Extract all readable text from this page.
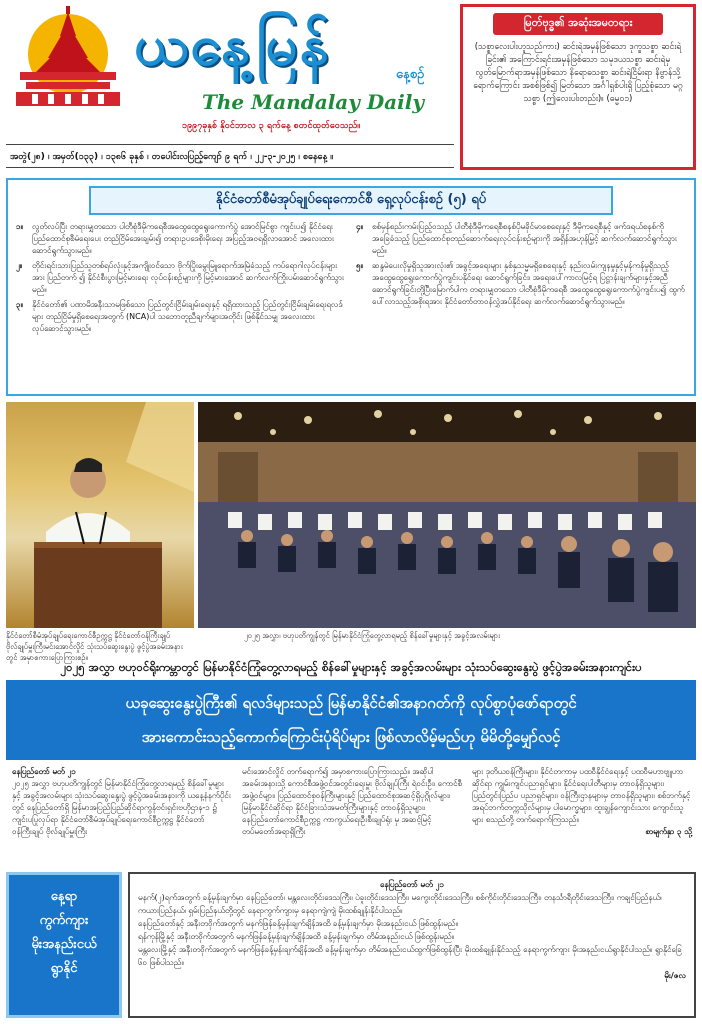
ယနေ့မြန်	နေ့စဉ်
The Mandalay Daily
၁၉၉၇ခုနှစ် နိုဝင်ဘာလ ၃ ရက်နေ့ စတင်ထုတ်ဝေသည်။
အတွဲ(၂၈) ၊ အမှတ်(၁၃၃) ၊ ၁၃၈၆ ခုနှစ် ၊ တပေါင်းလပြည့်ကျော် ၉ ရက် ၊ ၂၂-၃-၂၀၂၅ ၊ စနေနေ့ ။
မြတ်ဗုဒ္ဓ၏ အဆုံးအမတရား
(သစ္စာလေးပါးဟူသည်ကား) ဆင်းရဲအမှန်ဖြစ်သော ဒုက္ခသစ္စာ ဆင်းရဲခြင်း၏ အကြောင်းရင်းအမှန်ဖြစ်သော သမုဒယသစ္စာ ဆင်းရဲမှ လွတ်မြောက်ရာအမှန်ဖြစ်သော နိရောဓသစ္စာ ဆင်းရဲငြိမ်းရာ နိဗ္ဗာန်သို့ရောက်ကြောင်း အစစ်ဖြစ်၍ မြတ်သော အင်္ဂါရှစ်ပါးရှိ ပြည့်စုံသော မဂ္ဂသစ္စာ (ဤလေးပါးတည်း)။ (ဓမ္မ၀၁)
နိုင်ငံတော်စီမံအုပ်ချုပ်ရေးကောင်စီ ရှေ့လုပ်ငန်းစဉ် (၅) ရပ်
၁။	လွတ်လပ်ပြီး တရားမျှတသော ပါတီစုံဒီမိုကရေစီအထွေထွေရွေးကောက်ပွဲ အောင်မြင်စွာ ကျင်းပ၍ နိုင်ငံရေး ပြည်ထောင်စုစီမံရေးပေး တည်ငြိမ်အေးချမ်း၍ တရားဥပဒေစိုးမိုးရေး အပြည့်အဝရရှိလာအောင် အလေးထားဆောင်ရွက်သွားမည်။
၂။	တိုင်းရင်းသားပြည်သူတစ်ရပ်လုံးနှင့်အကျိုးဝင်သော ဗိုက်ပြိုးမွေးမြူရောက်အမြဲခံသည့် ကပ်ရောဂါလုပ်ငန်းများအား ပြည်တက် ၍ နိုင်ငံစီးပွားမြင့်မားရေး လုပ်ငန်းစဉ်များကို မြင့်မားအောင် ဆက်လက်ကြိုးပမ်းဆောင်ရွက်သွားမည်။
၃။	နိုင်ငံတော်၏ ပဏာမိအနီးသာမဖြစ်သော ပြည်တွင်းငြိမ်းချမ်းရေးနှင့် ရရှိထားသည့် ပြည်တွင်းငြိမ်းချမ်းရေးရလဒ်များ တည်ငြိမ်မှုရှိစေရေးအတွက် (NCA)ပါ သဘောတူညီချက်များအတိုင်း ဖြစ်နိုင်သမျှ အလေးထား လုပ်ဆောင်သွားမည်။
၄။	စစ်မှန်စည်းကမ်းပြည့်ဝသည့် ပါတီစုံဒီမိုကရေစီစနစ်ပိုမခိုင်မာစေရေးနှင့် ဒီမိုကရေစီနှင့် ဖက်ဒရယ်စနစ်ကို အခြေခံသည့် ပြည်ထောင်စုတည်ဆောက်ရေးလုပ်ငန်းစဉ်များကို အရှိန်အဟုန်မြှင့် ဆက်လက်ဆောင်ရွက်သွားမည်။
၅။	ဆန္ဒမဲပေးလိုမှုရှိသူအားလုံး၏ အခွင့်အရေးများ နှစ်နှသမ္မမရှိစေရေးနှင့် နည်းလမ်းကျနမှုနှင့်မှန်ကန်မှုရှိသည့် အထွေထွေရွေးကောက်ပွဲကျင်းပနိုင်ရေး ဆောင်ရွက်ခြင်း၊ အရေးပေါ်ကာလမြင့်ရ ပြဋ္ဌာန်းချက်များနှင့်အညီ ဆောင်ရွက်ခြင်းတို့ပြီးမြောက်ပါက တရားမျှတသော ပါတီစုံဒီမိုကရေစီ အထွေထွေရွေးကောက်ပွဲကျင်းပ၍ ထွက်ပေါ်လာသည့်အစိုးရအား နိုင်ငံတော်တာဝန်လွှဲအပ်နိုင်ရေး ဆက်လက်ဆောင်ရွက်သွားမည်။
နိုင်ငံတော်စီမံအုပ်ချုပ်ရေးကောင်စီဥက္ကဋ္ဌ နိုင်ငံတော်ဝန်ကြီးချုပ် ဗိုလ်ချုပ်မှူးကြီးမင်းအောင်လှိုင် သုံးသပ်ဆွေးနွေးပွဲ ဖွင့်ပွဲအခမ်းအနားတွင် အမှာစကားပြောကြားစဉ်။
၂၀၂၅ အလွှာ၊ ဗဟုပတိကျွန်တွင် မြန်မာနိုင်ငံကြုံတွေ့လာရမည့် စိန်ခေါ်မှုများနှင့် အခွင့်အလမ်းများ
၂၀၂၅ အလွှာ ဗဟုဝင်ရိုးကမ္ဘာတွင် မြန်မာနိုင်ငံကြုံတွေ့လာရမည့် စိန်ခေါ်မှုများနှင့် အခွင့်အလမ်းများ သုံးသပ်ဆွေးနွေးပွဲ ဖွင့်ပွဲအခမ်းအနားကျင်းပ
ယခုဆွေးနွေးပွဲကြီး၏ ရလဒ်များသည် မြန်မာနိုင်ငံ၏အနာဂတ်ကို လုပ်စွာပုံဖော်ရာတွင်
အားကောင်းသည့်ကောက်ကြောင်းပုံရိပ်များ ဖြစ်လာလိမ့်မည်ဟု မိမိတို့မျှော်လင့်
နေပြည်တော် မတ် ၂၁
၂၀၂၅ အလွှာ ဗဟုပတိကျွန်တွင် မြန်မာနိုင်ငံကြုံတွေ့လာရမည့် စိန်ခေါ်မှုများနှင့် အခွင့်အလမ်းများ သုံးသပ်ဆွေးနွေးပွဲ ဖွင့်ပွဲအခမ်းအနားကို ယနေ့နံနက်ပိုင်းတွင် နေပြည်တော်ရှိ မြန်မာအပြည်ပြည်ဆိုင်ရာကွန်ဗင်းရှင်းဗဟိုဌာန-၁ ၌ ကျင်းပပြုလုပ်ရာ နိုင်ငံတော်စီမံအုပ်ချုပ်ရေးကောင်စီဥက္ကဋ္ဌ နိုင်ငံတော်ဝန်ကြီးချုပ် ဗိုလ်ချုပ်မှူးကြီး
မင်းအောင်လှိုင် တက်ရောက်၍ အမှာစကားပြောကြားသည်။ အဆိုပါ အခမ်းအနားသို့ ကောင်စီအဖွဲ့ဝင်အတွင်းရေးမှူး ဗိုလ်ချုပ်ကြီး ရဲဝင်းဦး၊ ကောင်စီအဖွဲ့ဝင်များ၊ ပြည်ထောင်စုဝန်ကြီးများနှင့် ပြည်ထောင်စုအဆင့်ရှိပုဂ္ဂိုလ်များ၊ မြန်မာနိုင်ငံဆိုင်ရာ နိုင်ငံခြားသံအမတ်ကြီးများနှင့် တာဝန်ရှိသူများ၊ နေပြည်တော်ကောင်စီဥက္ကဋ္ဌ ကာကွယ်ရေးဦးစီးချုပ်ရုံး မှ အဆင့်မြင့်တပ်မတော်အရာရှိကြီး
များ ဒုတိယဝန်ကြီးများ၊ နိုင်ငံတကာမှ ပထဝီနိုင်ငံရေးနှင့် ပထဝီမဟာဗျူဟာဆိုင်ရာ ကျွမ်းကျင်ပညာရှင်များ၊ နိုင်ငံရေးပါတီများမှ တာဝန်ရှိသူများ၊ ပြည်တွင်းပြည်ပ ပညာရှင်များ၊ ဝန်ကြီးဌာနများမှ တာဝန်ရှိသူများ၊ စစ်ဘက်နှင့်အရပ်ဘက်တက္ကသိုလ်များမှ ပါမောက္ခများ၊ ထူးချွန်ကျောင်းသား ကျောင်းသူများ စသည်တို့ တက်ရောက်ကြသည်။
စာမျက်နှာ ၃ သို့
နေ့ရာ
ကွက်ကျား
မိုးအနည်းငယ်
ရွာနိုင်
နေပြည်တော် မတ် ၂၁
မနက်(၂)ရက်အတွက် ခန့်မှန်းချက်မှာ နေပြည်တော်၊ မန္တလေးတိုင်းဒေသကြီး၊ ပဲခူးတိုင်းဒေသကြီး၊ မကွေးတိုင်းဒေသကြီး၊ စစ်ကိုင်းတိုင်းဒေသကြီး၊ တနင်္သာရီတိုင်းဒေသကြီး၊ ကချင်ပြည်နယ်၊ ကယားပြည်နယ်၊ ရှမ်းပြည်နယ်တို့တွင် နေရာကွက်ကျားမှ နေရာကျဲကျဲ မိုးထစ်ချုန်းနိုင်ပါသည်။
နေပြည်တော်နှင့် အနီးတဝိုက်အတွက် မနက်ဖြန်ခန့်မှန်းချက်ချိန်အထိ ခန့်မှန်းချက်မှာ မိုးအနည်းငယ် ဖြစ်ထွန်းမည်။
ရန်ကုန်မြို့နှင့် အနီးတဝိုက်အတွက် မနက်ဖြန်ခန့်မှန်းချက်ချိန်အထိ ခန့်မှန်းချက်မှာ တိမ်အနည်းငယ် ဖြစ်ထွန်းမည်။
မန္တလေးမြို့နှင့် အနီးတဝိုက်အတွက် မနက်ဖြန်ခန့်မှန်းချက်ချိန်အထိ ခန့်မှန်းချက်မှာ တိမ်အနည်းငယ်ထွက်ဖြစ်ထွန်းပြီး မိုးထစ်ချုန်းနိုင်သည့် နေရာကွက်ကျား မိုးအနည်းငယ်ရွာနိုင်ပါသည်။ ရွာနိုင်ခြေ ၆၀ ဖြစ်ပါသည်။
မိုး/ဇလ
